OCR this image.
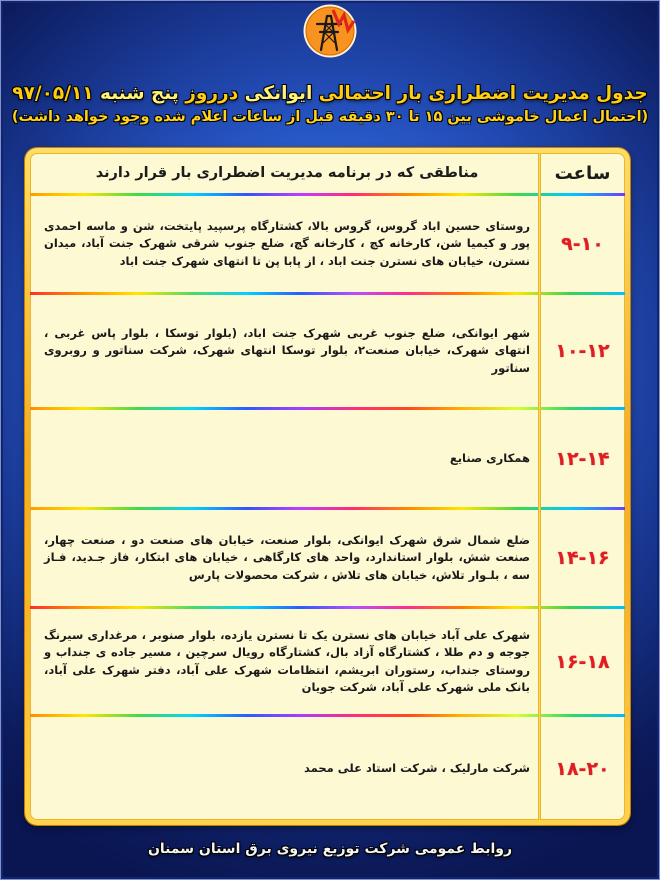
جدول مدیریت اضطراری بار احتمالی ایوانکی درروز پنج شنبه ۹۷/۰۵/۱۱
(احتمال اعمال خاموشی بین ۱۵ تا ۳۰ دقیقه قبل از ساعات اعلام شده وجود خواهد داشت)
ساعت
مناطقی که در برنامه مدیریت اضطراری بار قرار دارند
۹-۱۰
روستای حسین اباد گروس، گروس بالا، کشتارگاه پرسپید پایتخت، شن و ماسه احمدی پور و کیمیا شن، کارخانه کچ ، کارخانه گچ، ضلع جنوب شرقی شهرک جنت آباد، میدان نسترن، خیابان های نسترن جنت اباد ، از پابا پن تا انتهای شهرک جنت اباد
۱۰-۱۲
شهر ایوانکی، ضلع جنوب غربی شهرک جنت اباد، (بلوار توسکا ، بلوار پاس غربی ، انتهای شهرک، خیابان صنعت۲، بلوار توسکا انتهای شهرک، شرکت سناتور و روبروی سناتور
۱۲-۱۴
همکاری صنایع
۱۴-۱۶
ضلع شمال شرق شهرک ایوانکی، بلوار صنعت، خیابان های صنعت دو ، صنعت چهار، صنعت شش، بلوار استاندارد، واحد های کارگاهی ، خیابان های ابتکار، فاز جـدید، فـاز سه ، بلـوار تلاش، خیابان های تلاش ، شرکت محصولات پارس
۱۶-۱۸
شهرک علی آباد خیابان های نسترن یک تا نسترن یازده، بلوار صنوبر ، مرغداری سیرنگ جوجه و دم طلا ، کشتارگاه آزاد بال، کشتارگاه رویال سرچین ، مسیر جاده ی جنداب و روستای جنداب، رستوران ابریشم، انتظامات شهرک علی آباد، دفتر شهرک علی آباد، بانک ملی شهرک علی آباد، شرکت جویان
۱۸-۲۰
شرکت مارلیک ، شرکت استاد علی محمد
روابط عمومی شرکت توزیع نیروی برق استان سمنان
